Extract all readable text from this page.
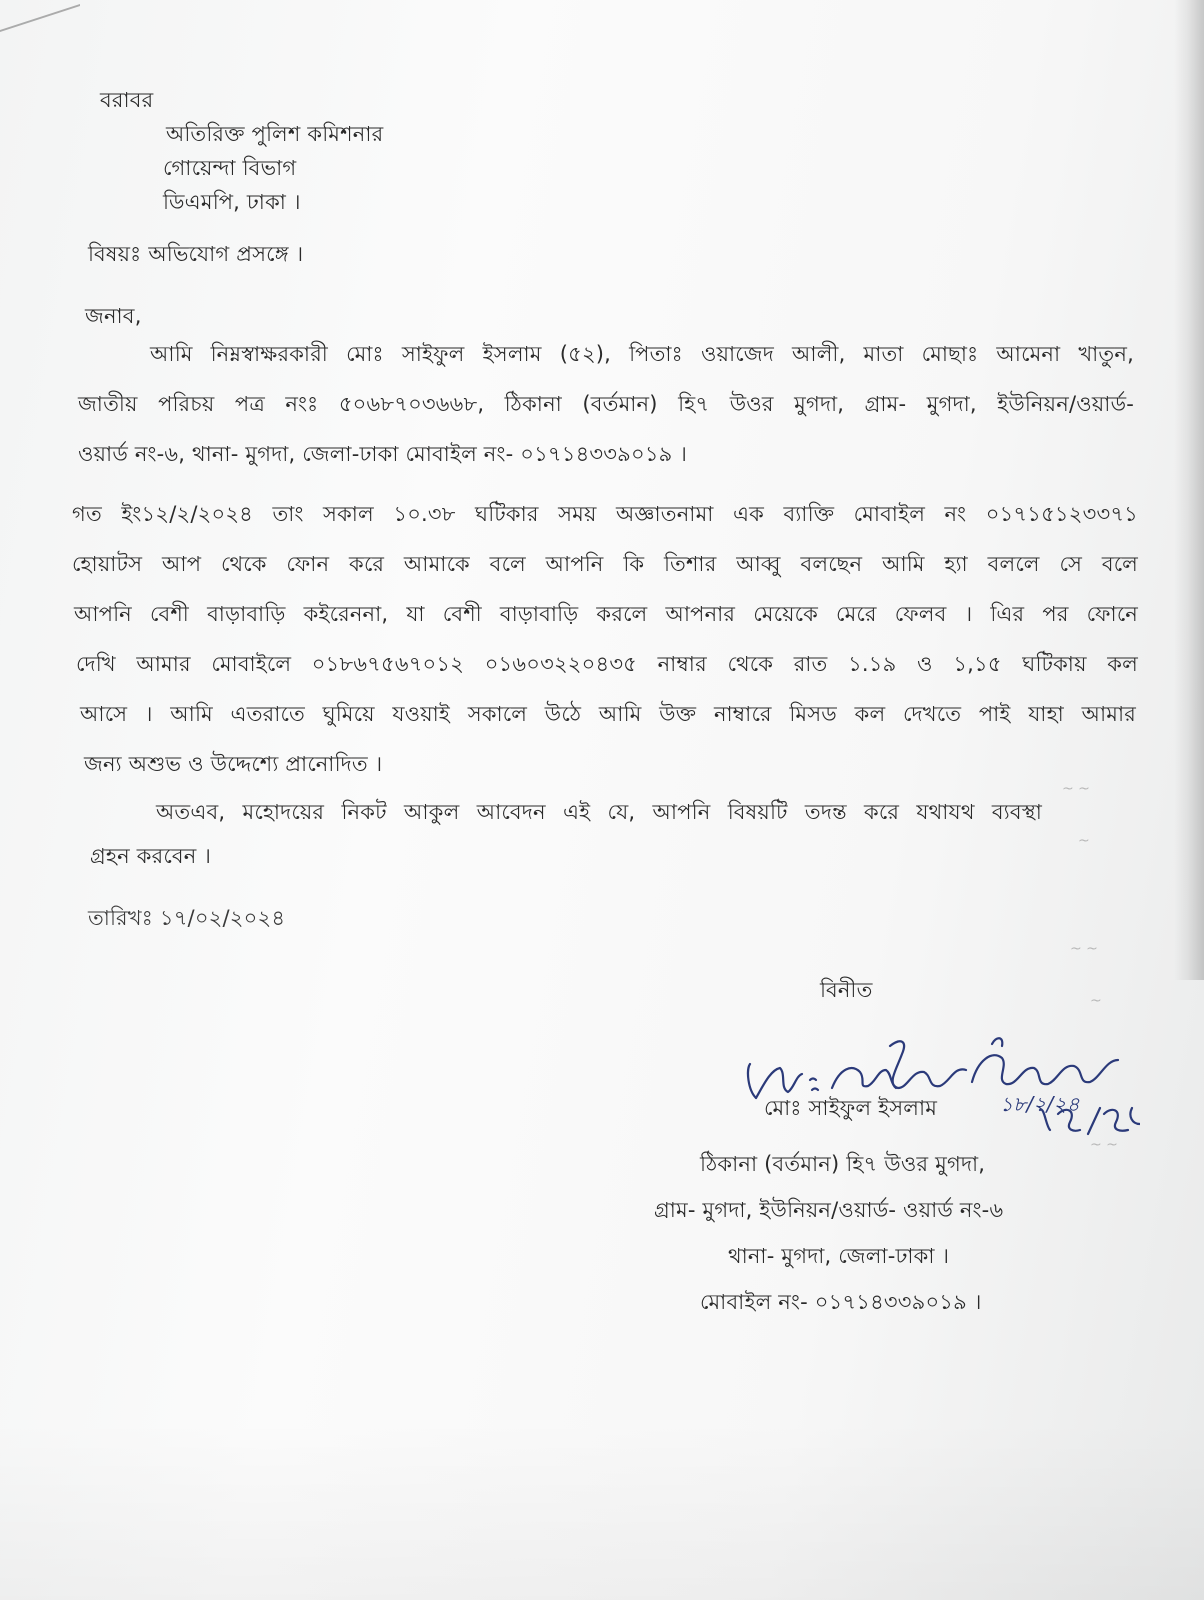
বরাবর

অতিরিক্ত পুলিশ কমিশনার

গোয়েন্দা বিভাগ

ডিএমপি, ঢাকা ।

বিষয়ঃ অভিযোগ প্রসঙ্গে ।

জনাব,

আমি নিম্নস্বাক্ষরকারী মোঃ সাইফুল ইসলাম (৫২), পিতাঃ ওয়াজেদ আলী, মাতা মোছাঃ আমেনা খাতুন,

জাতীয় পরিচয় পত্র নংঃ ৫০৬৮৭০৩৬৬৮, ঠিকানা (বর্তমান) হি৭ উওর মুগদা, গ্রাম- মুগদা, ইউনিয়ন/ওয়ার্ড-

ওয়ার্ড নং-৬, থানা- মুগদা, জেলা-ঢাকা মোবাইল নং- ০১৭১৪৩৩৯০১৯ ।

গত ইং১২/২/২০২৪ তাং সকাল ১০.৩৮ ঘটিকার সময় অজ্ঞাতনামা এক ব্যাক্তি মোবাইল নং ০১৭১৫১২৩৩৭১

হোয়াটস আপ থেকে ফোন করে আমাকে বলে আপনি কি তিশার আব্বু বলছেন আমি হ্যা বললে সে বলে

আপনি বেশী বাড়াবাড়ি কইরেননা, যা বেশী বাড়াবাড়ি করলে আপনার মেয়েকে মেরে ফেলব । এির পর ফোনে

দেখি আমার মোবাইলে ০১৮৬৭৫৬৭০১২ ০১৬০৩২২০৪৩৫ নাম্বার থেকে রাত ১.১৯ ও ১,১৫ ঘটিকায় কল

আসে । আমি এতরাতে ঘুমিয়ে যওয়াই সকালে উঠে আমি উক্ত নাম্বারে মিসড কল দেখতে পাই যাহা আমার

জন্য অশুভ ও উদ্দেশ্যে প্রানোদিত ।

অতএব, মহোদয়ের নিকট আকুল আবেদন এই যে, আপনি বিষয়টি তদন্ত করে যথাযথ ব্যবস্থা

গ্রহন করবেন ।

তারিখঃ ১৭/০২/২০২৪

বিনীত

১৮/২/২৪

মোঃ সাইফুল ইসলাম

ঠিকানা (বর্তমান) হি৭ উওর মুগদা,

গ্রাম- মুগদা, ইউনিয়ন/ওয়ার্ড- ওয়ার্ড নং-৬

থানা- মুগদা, জেলা-ঢাকা ।

মোবাইল নং- ০১৭১৪৩৩৯০১৯ ।

~ ~
~
~ ~
~
~ ~
